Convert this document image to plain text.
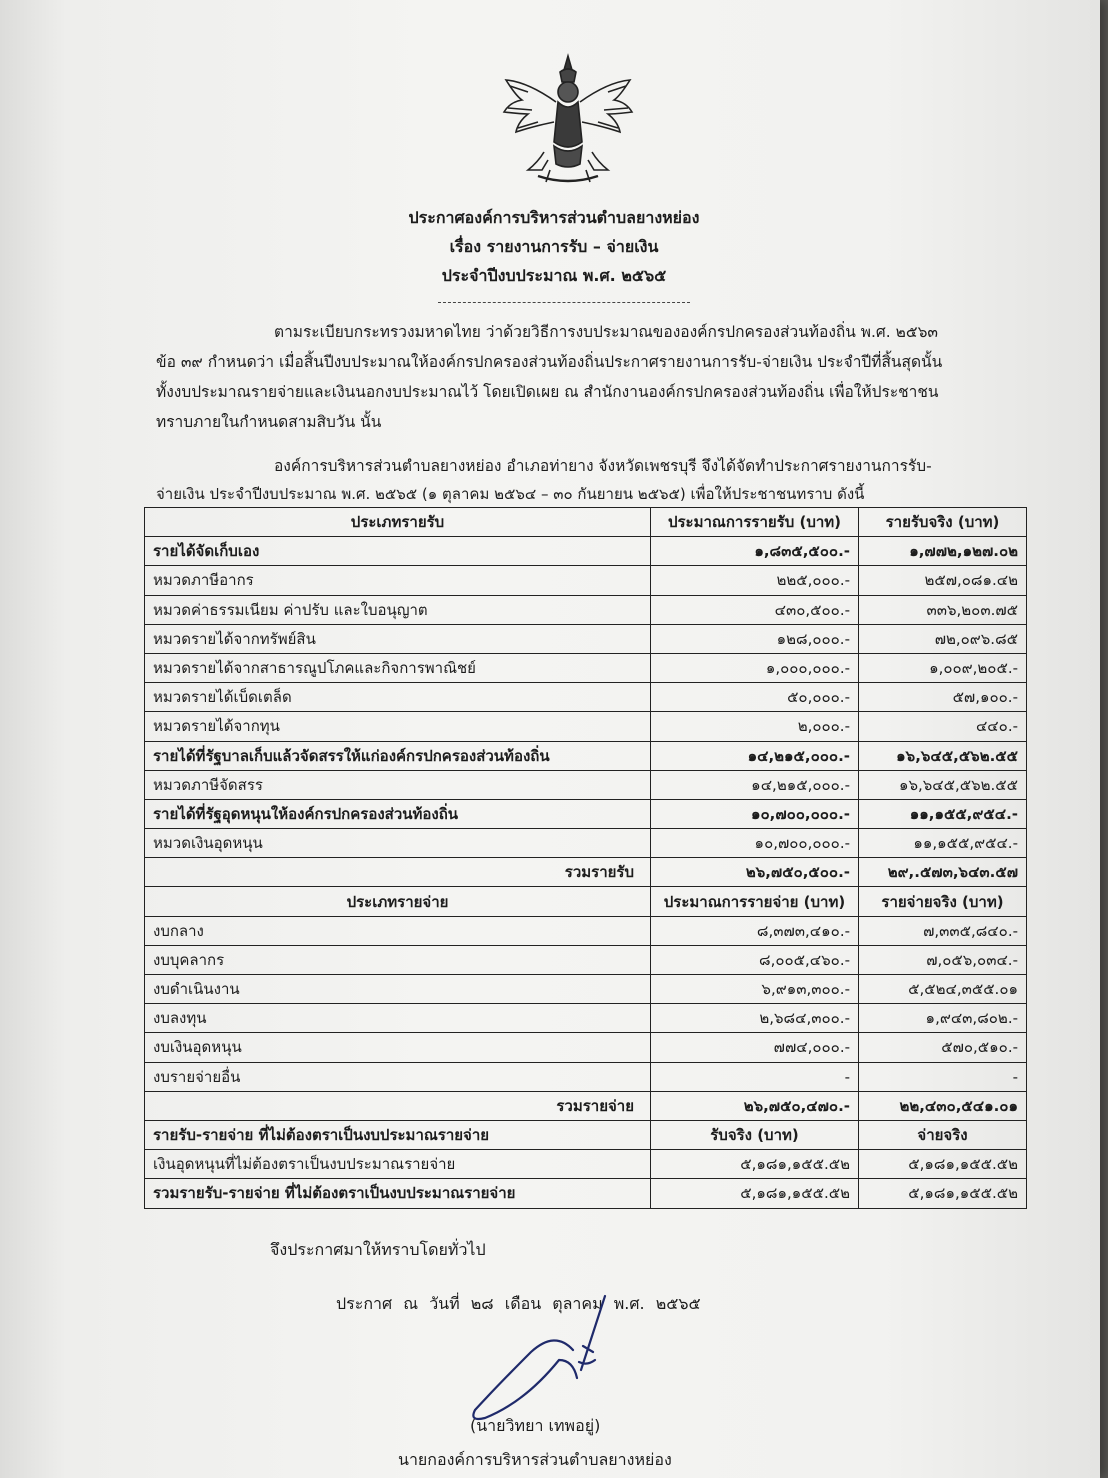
ประกาศองค์การบริหารส่วนตำบลยางหย่อง
เรื่อง รายงานการรับ – จ่ายเงิน
ประจำปีงบประมาณ พ.ศ. ๒๕๖๕
ตามระเบียบกระทรวงมหาดไทย ว่าด้วยวิธีการงบประมาณขององค์กรปกครองส่วนท้องถิ่น พ.ศ. ๒๕๖๓
ข้อ ๓๙ กำหนดว่า เมื่อสิ้นปีงบประมาณให้องค์กรปกครองส่วนท้องถิ่นประกาศรายงานการรับ-จ่ายเงิน ประจำปีที่สิ้นสุดนั้น
ทั้งงบประมาณรายจ่ายและเงินนอกงบประมาณไว้ โดยเปิดเผย ณ สำนักงานองค์กรปกครองส่วนท้องถิ่น เพื่อให้ประชาชน
ทราบภายในกำหนดสามสิบวัน นั้น
องค์การบริหารส่วนตำบลยางหย่อง อำเภอท่ายาง จังหวัดเพชรบุรี จึงได้จัดทำประกาศรายงานการรับ-
จ่ายเงิน ประจำปีงบประมาณ พ.ศ. ๒๕๖๕ (๑ ตุลาคม ๒๕๖๔ – ๓๐ กันยายน ๒๕๖๕) เพื่อให้ประชาชนทราบ ดังนี้
ประเภทรายรับ	ประมาณการรายรับ (บาท)	รายรับจริง (บาท)
รายได้จัดเก็บเอง	๑,๘๓๕,๕๐๐.-	๑,๗๗๒,๑๒๗.๐๒
หมวดภาษีอากร	๒๒๕,๐๐๐.-	๒๕๗,๐๘๑.๔๒
หมวดค่าธรรมเนียม ค่าปรับ และใบอนุญาต	๔๓๐,๕๐๐.-	๓๓๖,๒๐๓.๗๕
หมวดรายได้จากทรัพย์สิน	๑๒๘,๐๐๐.-	๗๒,๐๙๖.๘๕
หมวดรายได้จากสาธารณูปโภคและกิจการพาณิชย์	๑,๐๐๐,๐๐๐.-	๑,๐๐๙,๒๐๕.-
หมวดรายได้เบ็ดเตล็ด	๕๐,๐๐๐.-	๕๗,๑๐๐.-
หมวดรายได้จากทุน	๒,๐๐๐.-	๔๔๐.-
รายได้ที่รัฐบาลเก็บแล้วจัดสรรให้แก่องค์กรปกครองส่วนท้องถิ่น	๑๔,๒๑๕,๐๐๐.-	๑๖,๖๔๕,๕๖๒.๕๕
หมวดภาษีจัดสรร	๑๔,๒๑๕,๐๐๐.-	๑๖,๖๔๕,๕๖๒.๕๕
รายได้ที่รัฐอุดหนุนให้องค์กรปกครองส่วนท้องถิ่น	๑๐,๗๐๐,๐๐๐.-	๑๑,๑๕๕,๙๕๔.-
หมวดเงินอุดหนุน	๑๐,๗๐๐,๐๐๐.-	๑๑,๑๕๕,๙๕๔.-
รวมรายรับ	๒๖,๗๕๐,๕๐๐.-	๒๙,.๕๗๓,๖๔๓.๕๗
ประเภทรายจ่าย	ประมาณการรายจ่าย (บาท)	รายจ่ายจริง (บาท)
งบกลาง	๘,๓๗๓,๔๑๐.-	๗,๓๓๕,๘๔๐.-
งบบุคลากร	๘,๐๐๕,๔๖๐.-	๗,๐๕๖,๐๓๔.-
งบดำเนินงาน	๖,๙๑๓,๓๐๐.-	๕,๕๒๔,๓๕๕.๐๑
งบลงทุน	๒,๖๘๔,๓๐๐.-	๑,๙๔๓,๘๐๒.-
งบเงินอุดหนุน	๗๗๔,๐๐๐.-	๕๗๐,๕๑๐.-
งบรายจ่ายอื่น	-	-
รวมรายจ่าย	๒๖,๗๕๐,๔๗๐.-	๒๒,๔๓๐,๕๔๑.๐๑
รายรับ-รายจ่าย ที่ไม่ต้องตราเป็นงบประมาณรายจ่าย	รับจริง (บาท)	จ่ายจริง
เงินอุดหนุนที่ไม่ต้องตราเป็นงบประมาณรายจ่าย	๕,๑๘๑,๑๕๕.๕๒	๕,๑๘๑,๑๕๕.๕๒
รวมรายรับ-รายจ่าย ที่ไม่ต้องตราเป็นงบประมาณรายจ่าย	๕,๑๘๑,๑๕๕.๕๒	๕,๑๘๑,๑๕๕.๕๒
จึงประกาศมาให้ทราบโดยทั่วไป
ประกาศ ณ วันที่ ๒๘ เดือน ตุลาคม พ.ศ. ๒๕๖๕
(นายวิทยา เทพอยู่)
นายกองค์การบริหารส่วนตำบลยางหย่อง
